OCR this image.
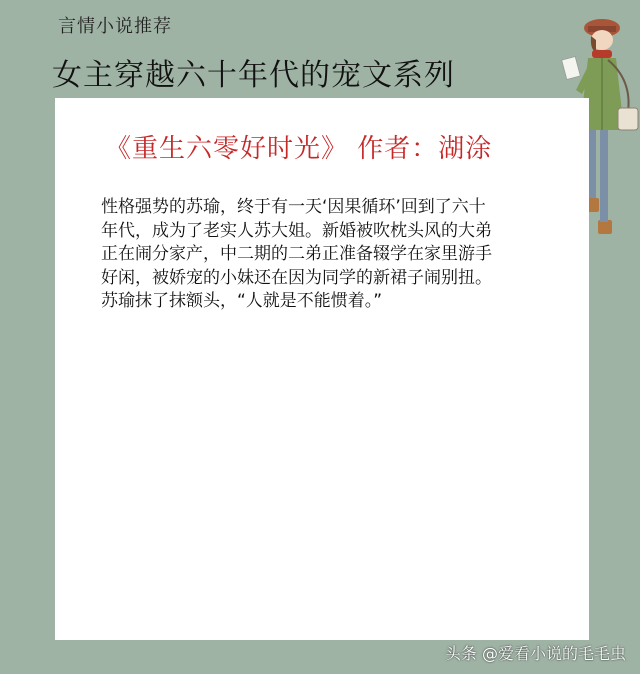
言情小说推荐
女主穿越六十年代的宠文系列
《重生六零好时光》 作者：湖涂
性格强势的苏瑜，终于有一天‘因果循环’回到了六十
年代，成为了老实人苏大姐。新婚被吹枕头风的大弟
正在闹分家产，中二期的二弟正准备辍学在家里游手
好闲，被娇宠的小妹还在因为同学的新裙子闹别扭。
苏瑜抹了抹额头，“人就是不能惯着。”
头条 @爱看小说的毛毛虫
